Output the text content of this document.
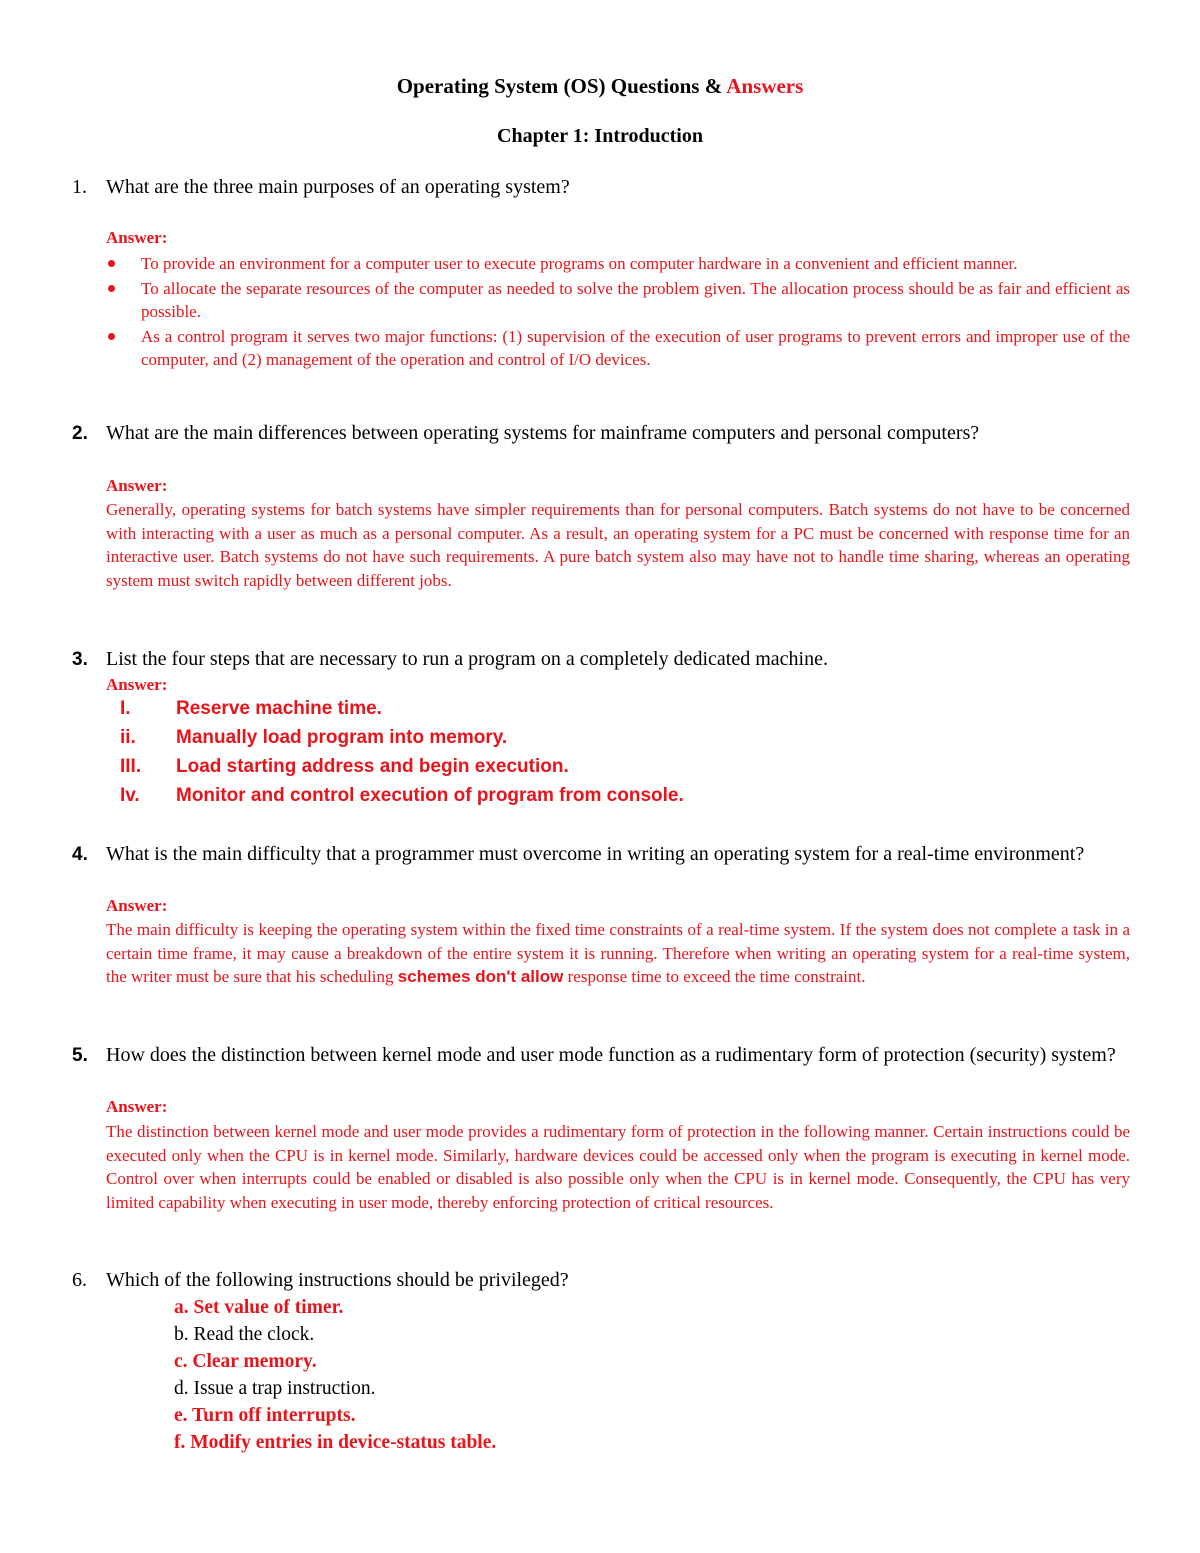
Operating System (OS) Questions & Answers
Chapter 1: Introduction
1. What are the three main purposes of an operating system?
Answer:
To provide an environment for a computer user to execute programs on computer hardware in a convenient and efficient manner.
To allocate the separate resources of the computer as needed to solve the problem given. The allocation process should be as fair and efficient as possible.
As a control program it serves two major functions: (1) supervision of the execution of user programs to prevent errors and improper use of the computer, and (2) management of the operation and control of I/O devices.
2. What are the main differences between operating systems for mainframe computers and personal computers?
Answer:
Generally, operating systems for batch systems have simpler requirements than for personal computers. Batch systems do not have to be concerned with interacting with a user as much as a personal computer. As a result, an operating system for a PC must be concerned with response time for an interactive user. Batch systems do not have such requirements. A pure batch system also may have not to handle time sharing, whereas an operating system must switch rapidly between different jobs.
3. List the four steps that are necessary to run a program on a completely dedicated machine.
Answer:
I. Reserve machine time.
ii. Manually load program into memory.
III. Load starting address and begin execution.
Iv. Monitor and control execution of program from console.
4. What is the main difficulty that a programmer must overcome in writing an operating system for a real-time environment?
Answer:
The main difficulty is keeping the operating system within the fixed time constraints of a real-time system. If the system does not complete a task in a certain time frame, it may cause a breakdown of the entire system it is running. Therefore when writing an operating system for a real-time system, the writer must be sure that his scheduling schemes don't allow response time to exceed the time constraint.
5. How does the distinction between kernel mode and user mode function as a rudimentary form of protection (security) system?
Answer:
The distinction between kernel mode and user mode provides a rudimentary form of protection in the following manner. Certain instructions could be executed only when the CPU is in kernel mode. Similarly, hardware devices could be accessed only when the program is executing in kernel mode. Control over when interrupts could be enabled or disabled is also possible only when the CPU is in kernel mode. Consequently, the CPU has very limited capability when executing in user mode, thereby enforcing protection of critical resources.
6. Which of the following instructions should be privileged?
a. Set value of timer.
b. Read the clock.
c. Clear memory.
d. Issue a trap instruction.
e. Turn off interrupts.
f. Modify entries in device-status table.
